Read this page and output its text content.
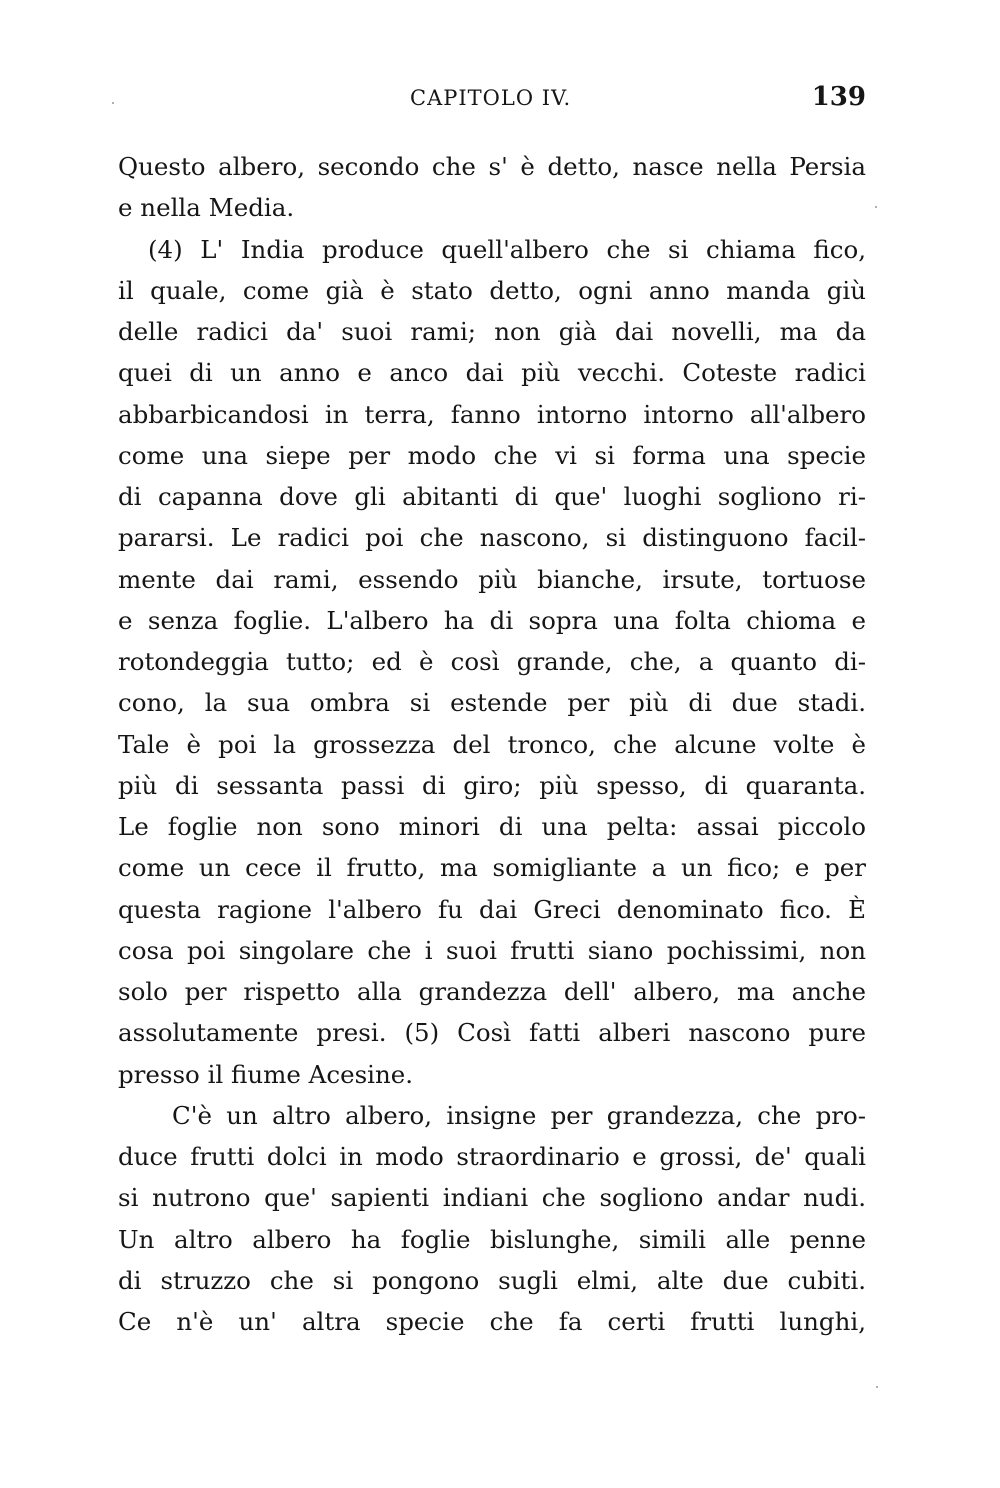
CAPITOLO IV.	139
Questo albero, secondo che s' è detto, nasce nella Persia
e nella Media.
(4) L' India produce quell'albero che si chiama fico,
il quale, come già è stato detto, ogni anno manda giù
delle radici da' suoi rami; non già dai novelli, ma da
quei di un anno e anco dai più vecchi. Coteste radici
abbarbicandosi in terra, fanno intorno intorno all'albero
come una siepe per modo che vi si forma una specie
di capanna dove gli abitanti di que' luoghi sogliono ri-
pararsi. Le radici poi che nascono, si distinguono facil-
mente dai rami, essendo più bianche, irsute, tortuose
e senza foglie. L'albero ha di sopra una folta chioma e
rotondeggia tutto; ed è così grande, che, a quanto di-
cono, la sua ombra si estende per più di due stadi.
Tale è poi la grossezza del tronco, che alcune volte è
più di sessanta passi di giro; più spesso, di quaranta.
Le foglie non sono minori di una pelta: assai piccolo
come un cece il frutto, ma somigliante a un fico; e per
questa ragione l'albero fu dai Greci denominato fico. È
cosa poi singolare che i suoi frutti siano pochissimi, non
solo per rispetto alla grandezza dell' albero, ma anche
assolutamente presi. (5) Così fatti alberi nascono pure
presso il fiume Acesine.
C'è un altro albero, insigne per grandezza, che pro-
duce frutti dolci in modo straordinario e grossi, de' quali
si nutrono que' sapienti indiani che sogliono andar nudi.
Un altro albero ha foglie bislunghe, simili alle penne
di struzzo che si pongono sugli elmi, alte due cubiti.
Ce n'è un' altra specie che fa certi frutti lunghi,
